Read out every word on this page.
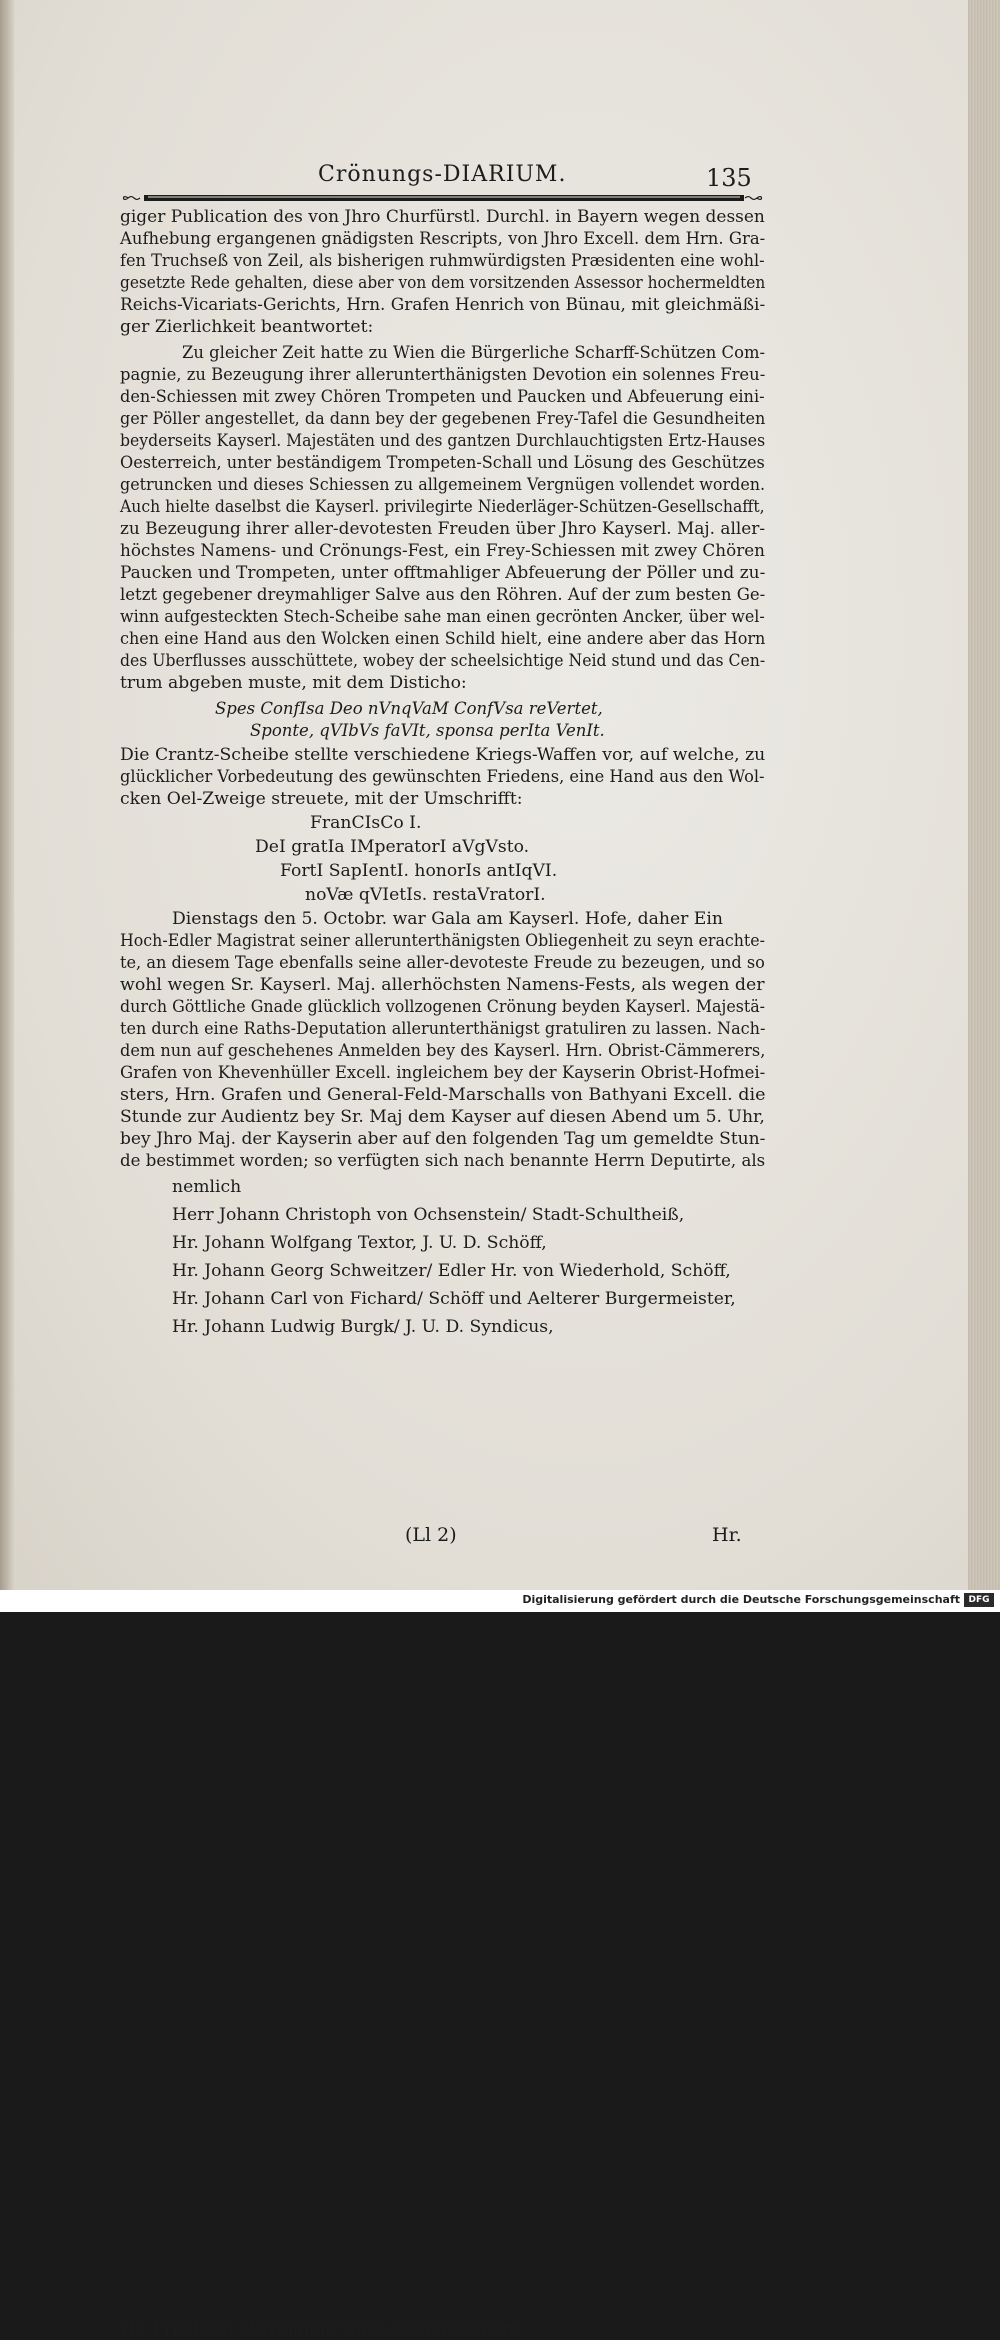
Crönungs-DIARIUM.	135
giger Publication des von Jhro Churfürstl. Durchl. in Bayern wegen dessen
Aufhebung ergangenen gnädigsten Rescripts, von Jhro Excell. dem Hrn. Gra-
fen Truchseß von Zeil, als bisherigen ruhmwürdigsten Præsidenten eine wohl-
gesetzte Rede gehalten, diese aber von dem vorsitzenden Assessor hochermeldten
Reichs-Vicariats-Gerichts, Hrn. Grafen Henrich von Bünau, mit gleichmäßi-
ger Zierlichkeit beantwortet:
Zu gleicher Zeit hatte zu Wien die Bürgerliche Scharff-Schützen Com-
pagnie, zu Bezeugung ihrer allerunterthänigsten Devotion ein solennes Freu-
den-Schiessen mit zwey Chören Trompeten und Paucken und Abfeuerung eini-
ger Pöller angestellet, da dann bey der gegebenen Frey-Tafel die Gesundheiten
beyderseits Kayserl. Majestäten und des gantzen Durchlauchtigsten Ertz-Hauses
Oesterreich, unter beständigem Trompeten-Schall und Lösung des Geschützes
getruncken und dieses Schiessen zu allgemeinem Vergnügen vollendet worden.
Auch hielte daselbst die Kayserl. privilegirte Niederläger-Schützen-Gesellschafft,
zu Bezeugung ihrer aller-devotesten Freuden über Jhro Kayserl. Maj. aller-
höchstes Namens- und Crönungs-Fest, ein Frey-Schiessen mit zwey Chören
Paucken und Trompeten, unter offtmahliger Abfeuerung der Pöller und zu-
letzt gegebener dreymahliger Salve aus den Röhren. Auf der zum besten Ge-
winn aufgesteckten Stech-Scheibe sahe man einen gecrönten Ancker, über wel-
chen eine Hand aus den Wolcken einen Schild hielt, eine andere aber das Horn
des Uberflusses ausschüttete, wobey der scheelsichtige Neid stund und das Cen-
trum abgeben muste, mit dem Disticho:
Spes ConfIsa Deo nVnqVaM ConfVsa reVertet,
Sponte, qVIbVs faVIt, sponsa perIta VenIt.
Die Crantz-Scheibe stellte verschiedene Kriegs-Waffen vor, auf welche, zu
glücklicher Vorbedeutung des gewünschten Friedens, eine Hand aus den Wol-
cken Oel-Zweige streuete, mit der Umschrifft:
FranCIsCo I.
DeI gratIa IMperatorI aVgVsto.
FortI SapIentI. honorIs antIqVI.
noVæ qVIetIs. restaVratorI.
Dienstags den 5. Octobr. war Gala am Kayserl. Hofe, daher Ein
Hoch-Edler Magistrat seiner allerunterthänigsten Obliegenheit zu seyn erachte-
te, an diesem Tage ebenfalls seine aller-devoteste Freude zu bezeugen, und so
wohl wegen Sr. Kayserl. Maj. allerhöchsten Namens-Fests, als wegen der
durch Göttliche Gnade glücklich vollzogenen Crönung beyden Kayserl. Majestä-
ten durch eine Raths-Deputation allerunterthänigst gratuliren zu lassen. Nach-
dem nun auf geschehenes Anmelden bey des Kayserl. Hrn. Obrist-Cämmerers,
Grafen von Khevenhüller Excell. ingleichem bey der Kayserin Obrist-Hofmei-
sters, Hrn. Grafen und General-Feld-Marschalls von Bathyani Excell. die
Stunde zur Audientz bey Sr. Maj dem Kayser auf diesen Abend um 5. Uhr,
bey Jhro Maj. der Kayserin aber auf den folgenden Tag um gemeldte Stun-
de bestimmet worden; so verfügten sich nach benannte Herrn Deputirte, als
nemlich
Herr Johann Christoph von Ochsenstein/ Stadt-Schultheiß,
Hr. Johann Wolfgang Textor, J. U. D. Schöff,
Hr. Johann Georg Schweitzer/ Edler Hr. von Wiederhold, Schöff,
Hr. Johann Carl von Fichard/ Schöff und Aelterer Burgermeister,
Hr. Johann Ludwig Burgk/ J. U. D. Syndicus,
Hr. Friedrich Maximilian von Lerßner/ Schöff,
(Ll 2)	Hr.
Digitalisierung gefördert durch die Deutsche Forschungsgemeinschaft DFG
